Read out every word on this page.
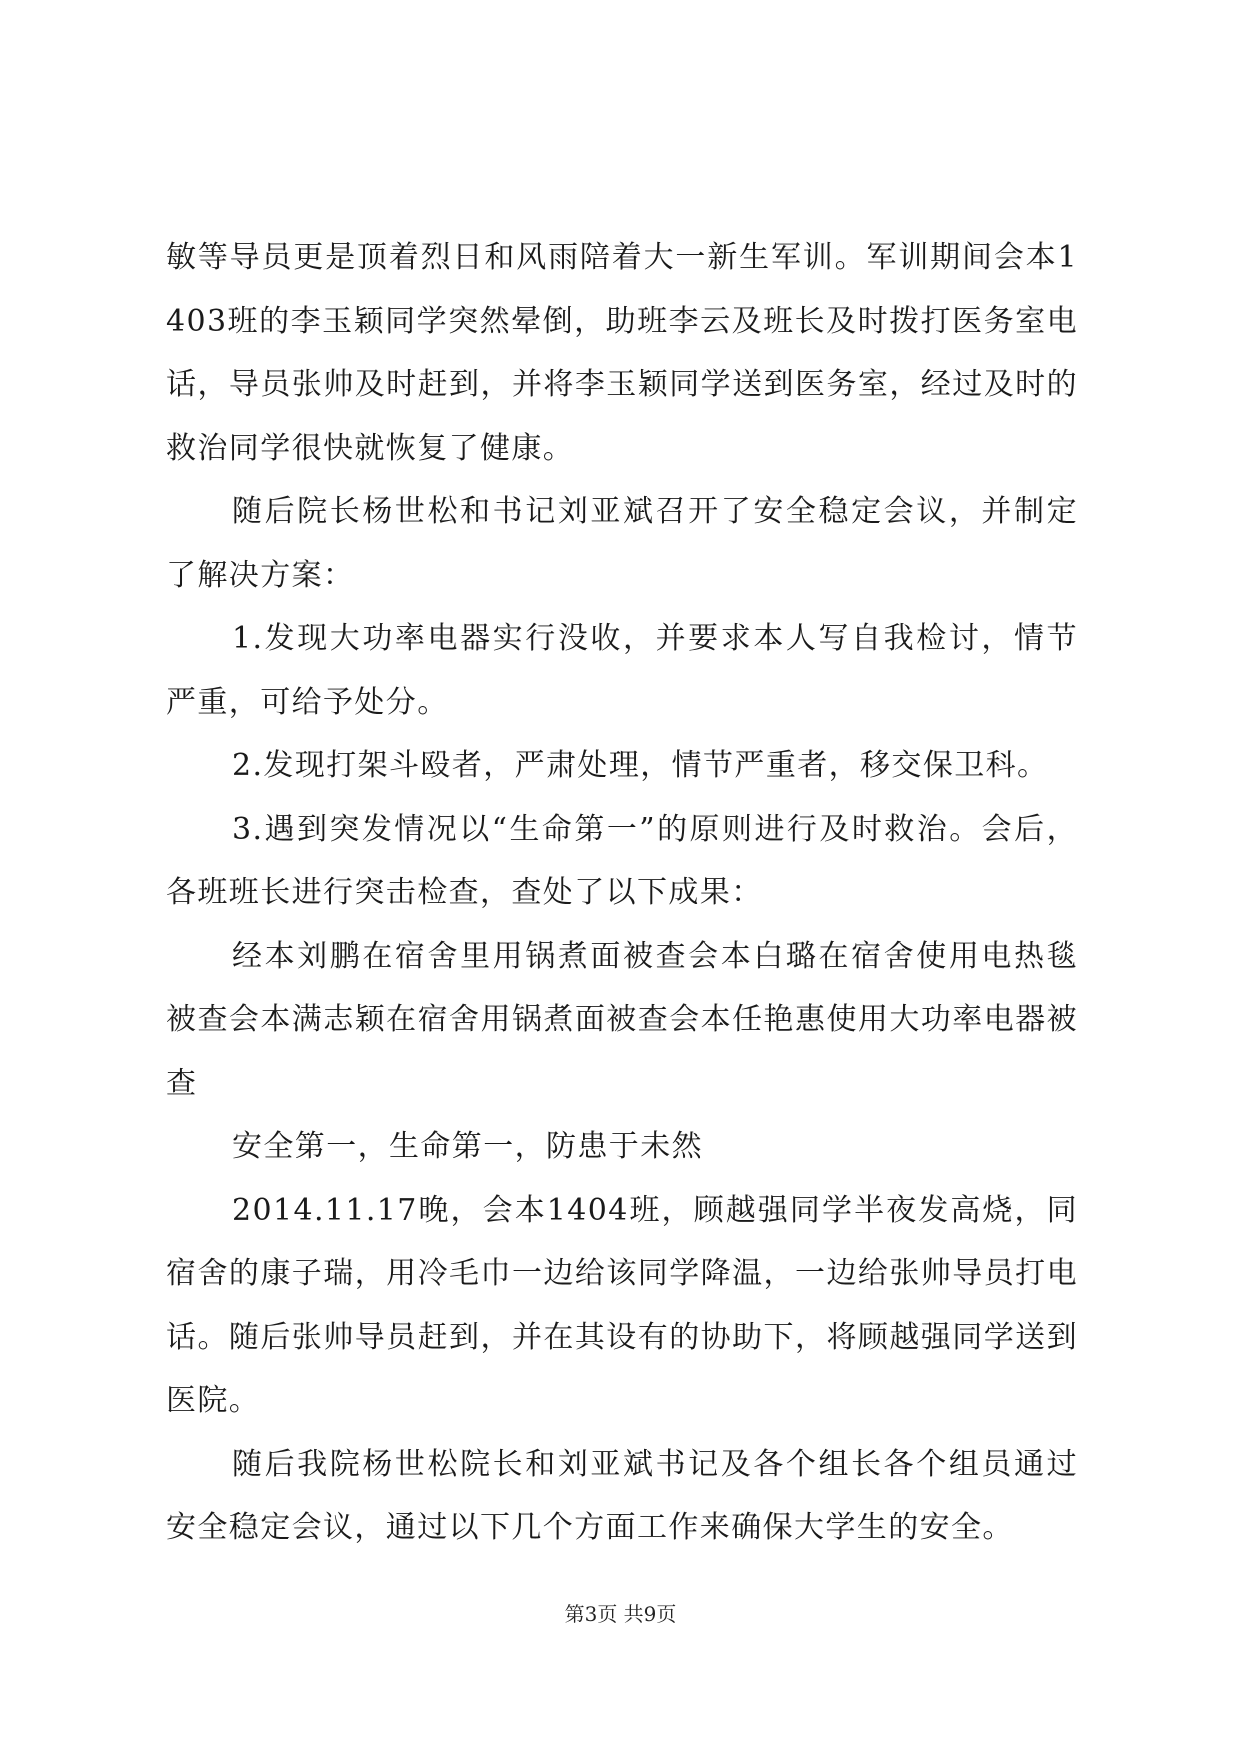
敏等导员更是顶着烈日和风雨陪着大一新生军训。军训期间会本1403班的李玉颖同学突然晕倒，助班李云及班长及时拨打医务室电话，导员张帅及时赶到，并将李玉颖同学送到医务室，经过及时的救治同学很快就恢复了健康。

随后院长杨世松和书记刘亚斌召开了安全稳定会议，并制定了解决方案：

1.发现大功率电器实行没收，并要求本人写自我检讨，情节严重，可给予处分。

2.发现打架斗殴者，严肃处理，情节严重者，移交保卫科。

3.遇到突发情况以“生命第一”的原则进行及时救治。会后，各班班长进行突击检查，查处了以下成果：

经本刘鹏在宿舍里用锅煮面被查会本白璐在宿舍使用电热毯被查会本满志颖在宿舍用锅煮面被查会本任艳惠使用大功率电器被查

安全第一，生命第一，防患于未然

2014.11.17晚，会本1404班，顾越强同学半夜发高烧，同宿舍的康子瑞，用冷毛巾一边给该同学降温，一边给张帅导员打电话。随后张帅导员赶到，并在其设有的协助下，将顾越强同学送到医院。

随后我院杨世松院长和刘亚斌书记及各个组长各个组员通过安全稳定会议，通过以下几个方面工作来确保大学生的安全。

第3页 共9页
